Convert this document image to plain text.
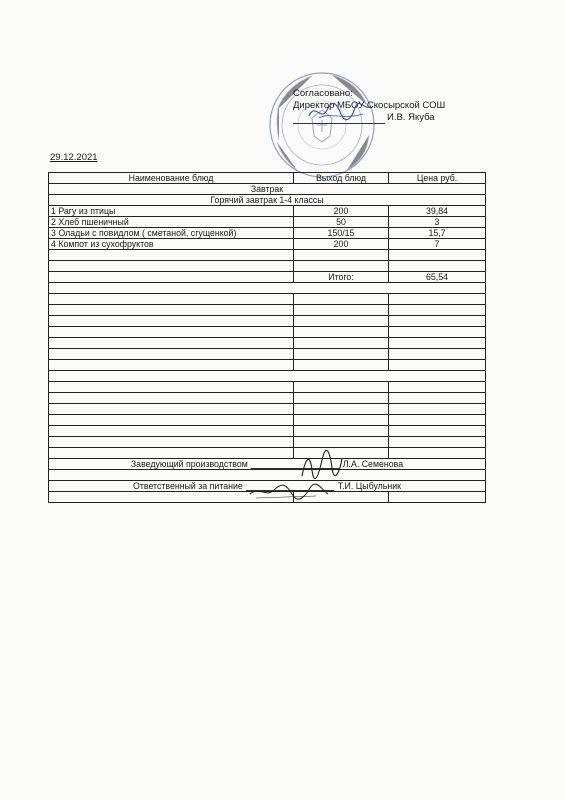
Согласовано:
Директор МБОУ Скосырской СОШ
И.В. Якуба
29.12.2021
Наименование блюд	Выход блюд	Цена руб.
Завтрак		
Горячий завтрак 1-4 классы		
1 Рагу из птицы	200	39,84
2 Хлеб пшеничный	50	3
3 Оладьи с повидлом ( сметаной, сгущенкой)	150/15	15,7
4 Компот из сухофруктов	200	7

	Итого:	65,54

Заведующий производством Л.А. Семенова		

Ответственный за питание Т.И. Цыбульник		
